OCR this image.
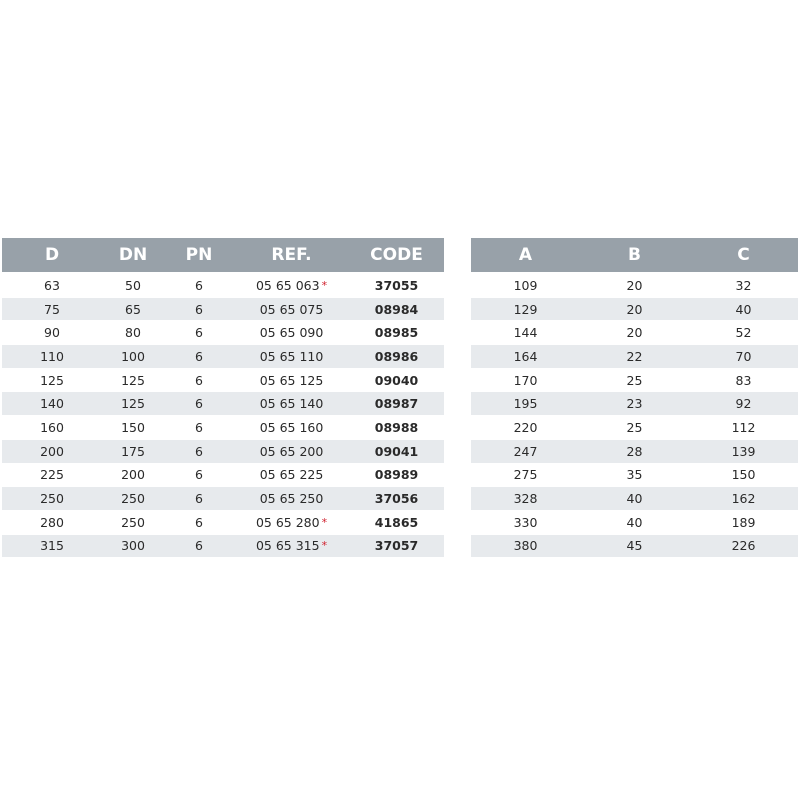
D	DN	PN	REF.	CODE
63	50	6	05 65 063 *	37055
75	65	6	05 65 075	08984
90	80	6	05 65 090	08985
110	100	6	05 65 110	08986
125	125	6	05 65 125	09040
140	125	6	05 65 140	08987
160	150	6	05 65 160	08988
200	175	6	05 65 200	09041
225	200	6	05 65 225	08989
250	250	6	05 65 250	37056
280	250	6	05 65 280 *	41865
315	300	6	05 65 315 *	37057
A	B	C
109	20	32
129	20	40
144	20	52
164	22	70
170	25	83
195	23	92
220	25	112
247	28	139
275	35	150
328	40	162
330	40	189
380	45	226
